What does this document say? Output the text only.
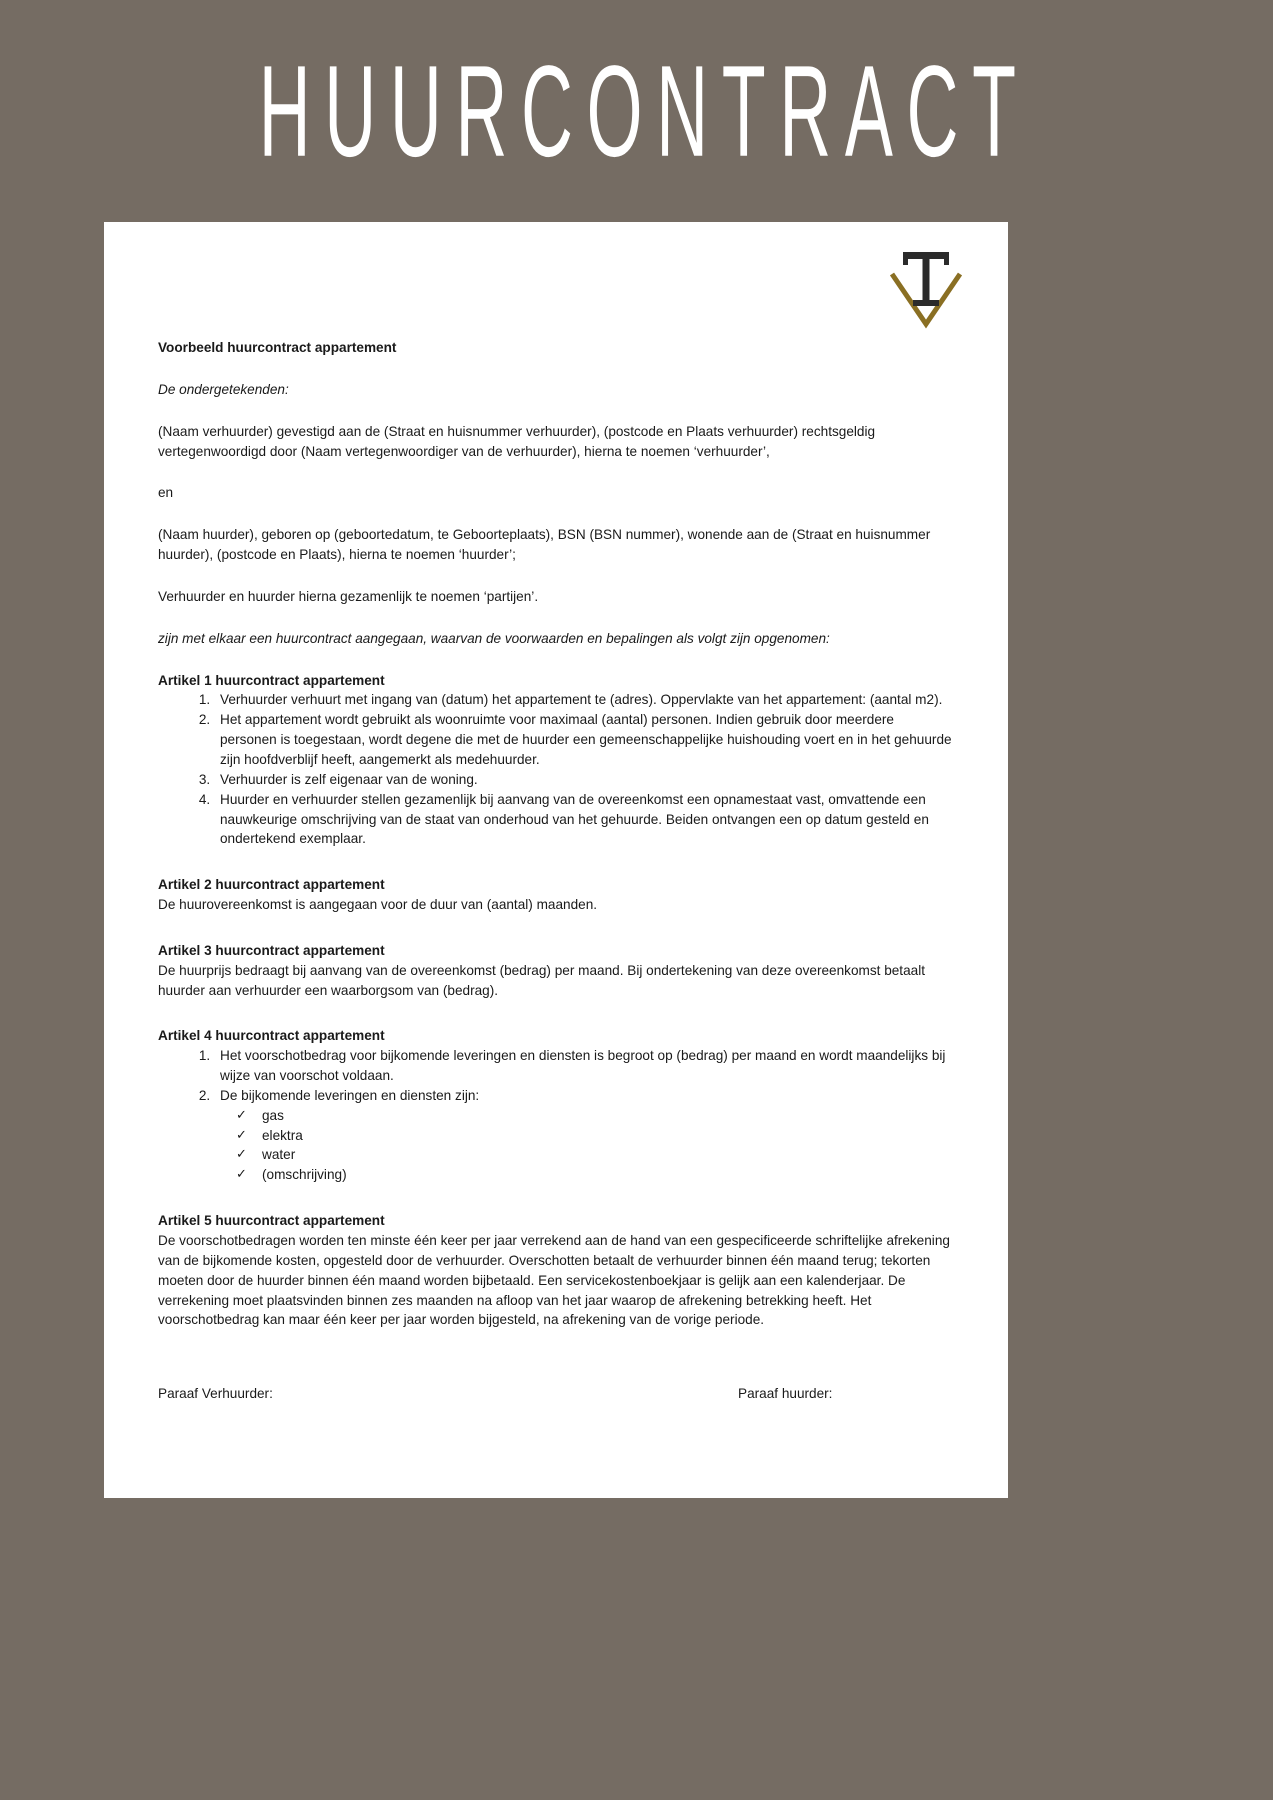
HUURCONTRACT

Voorbeeld huurcontract appartement

De ondergetekenden:

(Naam verhuurder) gevestigd aan de (Straat en huisnummer verhuurder), (postcode en Plaats verhuurder) rechtsgeldig vertegenwoordigd door (Naam vertegenwoordiger van de verhuurder), hierna te noemen ‘verhuurder’,

en

(Naam huurder), geboren op (geboortedatum, te Geboorteplaats), BSN (BSN nummer), wonende aan de (Straat en huisnummer huurder), (postcode en Plaats), hierna te noemen ‘huurder’;

Verhuurder en huurder hierna gezamenlijk te noemen ‘partijen’.

zijn met elkaar een huurcontract aangegaan, waarvan de voorwaarden en bepalingen als volgt zijn opgenomen:

Artikel 1 huurcontract appartement

1. Verhuurder verhuurt met ingang van (datum) het appartement te (adres). Oppervlakte van het appartement: (aantal m2).
2. Het appartement wordt gebruikt als woonruimte voor maximaal (aantal) personen. Indien gebruik door meerdere personen is toegestaan, wordt degene die met de huurder een gemeenschappelijke huishouding voert en in het gehuurde zijn hoofdverblijf heeft, aangemerkt als medehuurder.
3. Verhuurder is zelf eigenaar van de woning.
4. Huurder en verhuurder stellen gezamenlijk bij aanvang van de overeenkomst een opnamestaat vast, omvattende een nauwkeurige omschrijving van de staat van onderhoud van het gehuurde. Beiden ontvangen een op datum gesteld en ondertekend exemplaar.

Artikel 2 huurcontract appartement

De huurovereenkomst is aangegaan voor de duur van (aantal) maanden.

Artikel 3 huurcontract appartement

De huurprijs bedraagt bij aanvang van de overeenkomst (bedrag) per maand. Bij ondertekening van deze overeenkomst betaalt huurder aan verhuurder een waarborgsom van (bedrag).

Artikel 4 huurcontract appartement

1. Het voorschotbedrag voor bijkomende leveringen en diensten is begroot op (bedrag) per maand en wordt maandelijks bij wijze van voorschot voldaan.
2. De bijkomende leveringen en diensten zijn:
✓ gas
✓ elektra
✓ water
✓ (omschrijving)

Artikel 5 huurcontract appartement

De voorschotbedragen worden ten minste één keer per jaar verrekend aan de hand van een gespecificeerde schriftelijke afrekening van de bijkomende kosten, opgesteld door de verhuurder. Overschotten betaalt de verhuurder binnen één maand terug; tekorten moeten door de huurder binnen één maand worden bijbetaald. Een servicekostenboekjaar is gelijk aan een kalenderjaar. De verrekening moet plaatsvinden binnen zes maanden na afloop van het jaar waarop de afrekening betrekking heeft. Het voorschotbedrag kan maar één keer per jaar worden bijgesteld, na afrekening van de vorige periode.

Paraaf Verhuurder:	Paraaf huurder:
